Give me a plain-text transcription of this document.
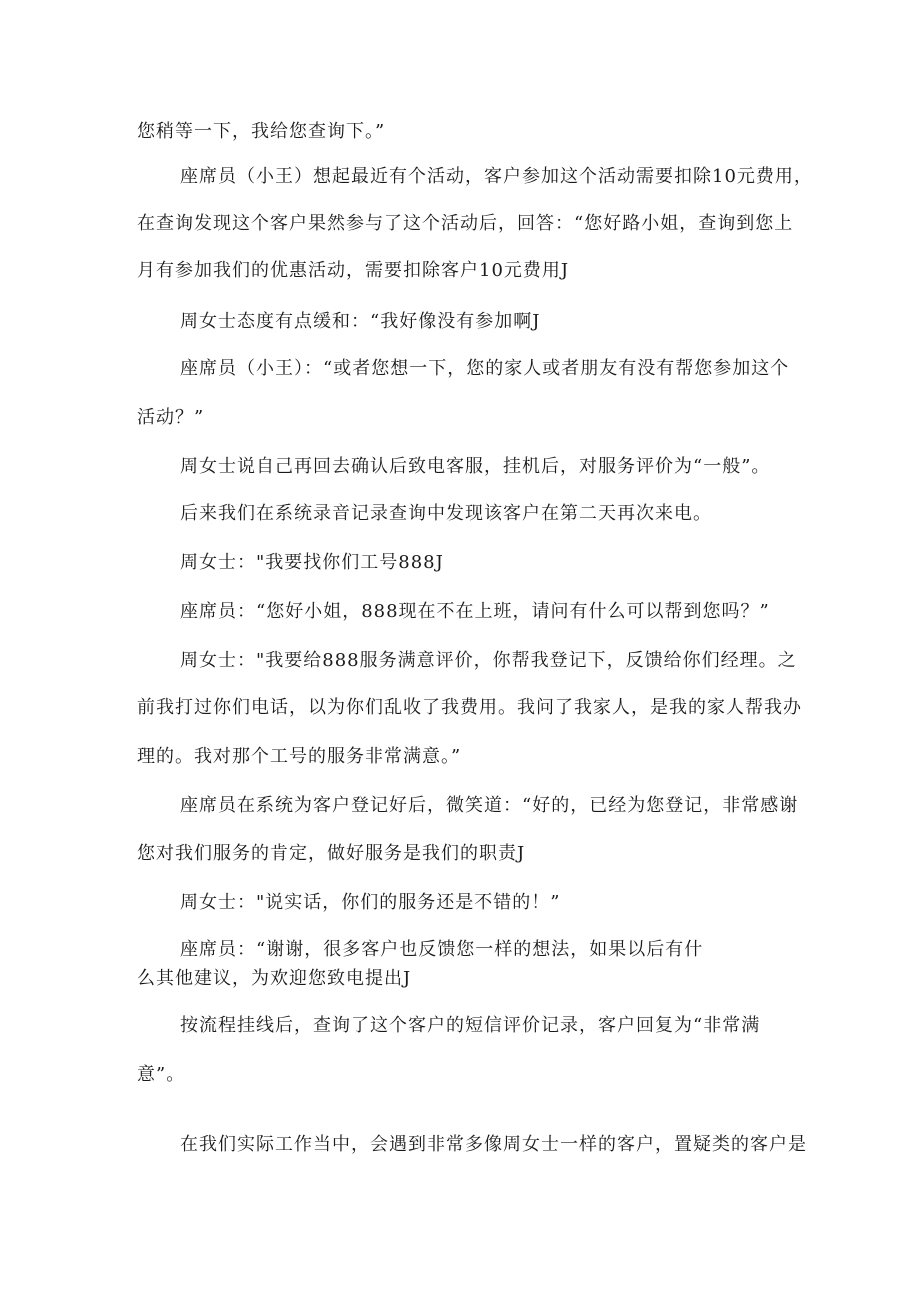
您稍等一下，我给您查询下。”
座席员（小王）想起最近有个活动，客户参加这个活动需要扣除10元费用，
在查询发现这个客户果然参与了这个活动后，回答：“您好路小姐，查询到您上
月有参加我们的优惠活动，需要扣除客户10元费用J
周女士态度有点缓和：“我好像没有参加啊J
座席员（小王）：“或者您想一下，您的家人或者朋友有没有帮您参加这个
活动？”
周女士说自己再回去确认后致电客服，挂机后，对服务评价为“一般”。
后来我们在系统录音记录查询中发现该客户在第二天再次来电。
周女士："我要找你们工号888J
座席员：“您好小姐，888现在不在上班，请问有什么可以帮到您吗？”
周女士："我要给888服务满意评价，你帮我登记下，反馈给你们经理。之
前我打过你们电话，以为你们乱收了我费用。我问了我家人，是我的家人帮我办
理的。我对那个工号的服务非常满意。”
座席员在系统为客户登记好后，微笑道：“好的，已经为您登记，非常感谢
您对我们服务的肯定，做好服务是我们的职责J
周女士："说实话，你们的服务还是不错的！”
座席员：“谢谢，很多客户也反馈您一样的想法，如果以后有什
么其他建议，为欢迎您致电提出J
按流程挂线后，查询了这个客户的短信评价记录，客户回复为“非常满
意”。
在我们实际工作当中，会遇到非常多像周女士一样的客户，置疑类的客户是
